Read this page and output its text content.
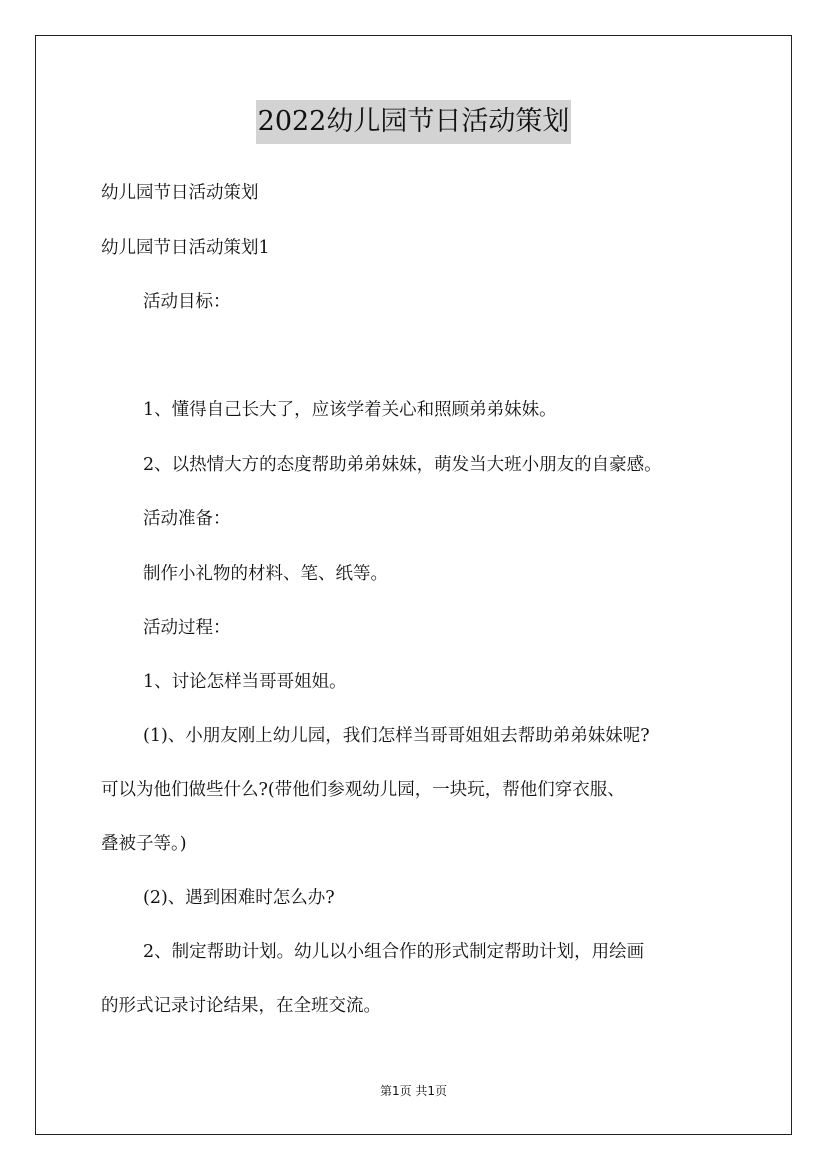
2022幼儿园节日活动策划
幼儿园节日活动策划
幼儿园节日活动策划1
活动目标：
1、懂得自己长大了，应该学着关心和照顾弟弟妹妹。
2、以热情大方的态度帮助弟弟妹妹，萌发当大班小朋友的自豪感。
活动准备：
制作小礼物的材料、笔、纸等。
活动过程：
1、讨论怎样当哥哥姐姐。
(1)、小朋友刚上幼儿园，我们怎样当哥哥姐姐去帮助弟弟妹妹呢?
可以为他们做些什么?(带他们参观幼儿园，一块玩，帮他们穿衣服、
叠被子等。)
(2)、遇到困难时怎么办?
2、制定帮助计划。幼儿以小组合作的形式制定帮助计划，用绘画
的形式记录讨论结果，在全班交流。
第1页 共1页
